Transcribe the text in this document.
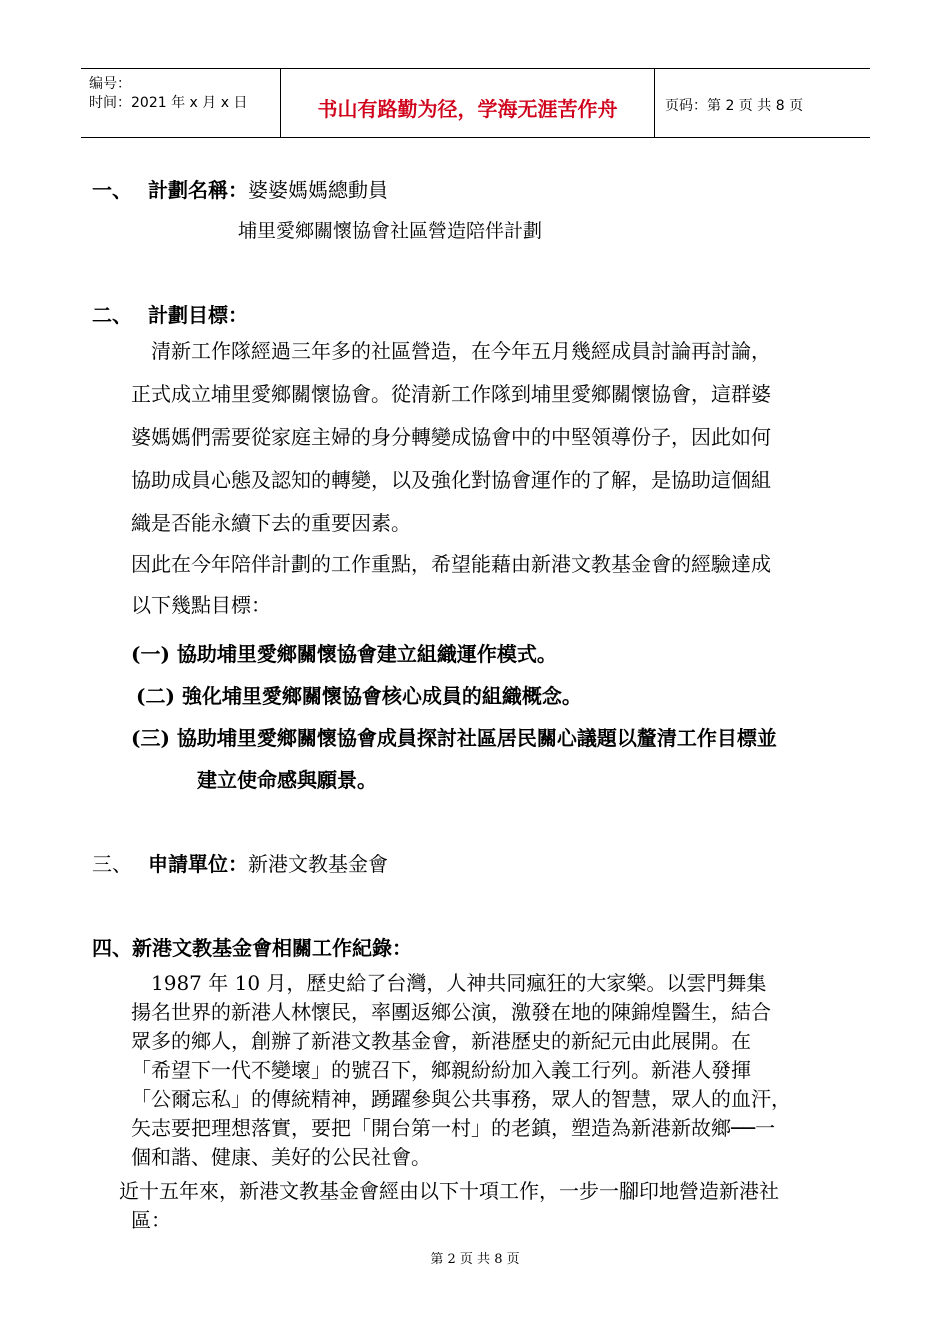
编号：
时间：2021 年 x 月 x 日	书山有路勤为径，学海无涯苦作舟	页码：第 2 页 共 8 页
一、 計劃名稱：婆婆媽媽總動員
埔里愛鄉關懷協會社區營造陪伴計劃
二、 計劃目標：
　清新工作隊經過三年多的社區營造，在今年五月幾經成員討論再討論，
正式成立埔里愛鄉關懷協會。從清新工作隊到埔里愛鄉關懷協會，這群婆
婆媽媽們需要從家庭主婦的身分轉變成協會中的中堅領導份子，因此如何
協助成員心態及認知的轉變，以及強化對協會運作的了解，是協助這個組
織是否能永續下去的重要因素。
因此在今年陪伴計劃的工作重點，希望能藉由新港文教基金會的經驗達成
以下幾點目標：
(一) 協助埔里愛鄉關懷協會建立組織運作模式。
(二) 強化埔里愛鄉關懷協會核心成員的組織概念。
(三) 協助埔里愛鄉關懷協會成員探討社區居民關心議題以釐清工作目標並
建立使命感與願景。
三、 申請單位：新港文教基金會
四、新港文教基金會相關工作紀錄：
　1987 年 10 月，歷史給了台灣，人神共同瘋狂的大家樂。以雲門舞集
揚名世界的新港人林懷民，率團返鄉公演，激發在地的陳錦煌醫生，結合
眾多的鄉人，創辦了新港文教基金會，新港歷史的新紀元由此展開。在
「希望下一代不變壞」的號召下，鄉親紛紛加入義工行列。新港人發揮
「公爾忘私」的傳統精神，踴躍參與公共事務，眾人的智慧，眾人的血汗，
矢志要把理想落實，要把「開台第一村」的老鎮，塑造為新港新故鄉──一
個和諧、健康、美好的公民社會。
近十五年來，新港文教基金會經由以下十項工作，一步一腳印地營造新港社
區：
第 2 页 共 8 页
